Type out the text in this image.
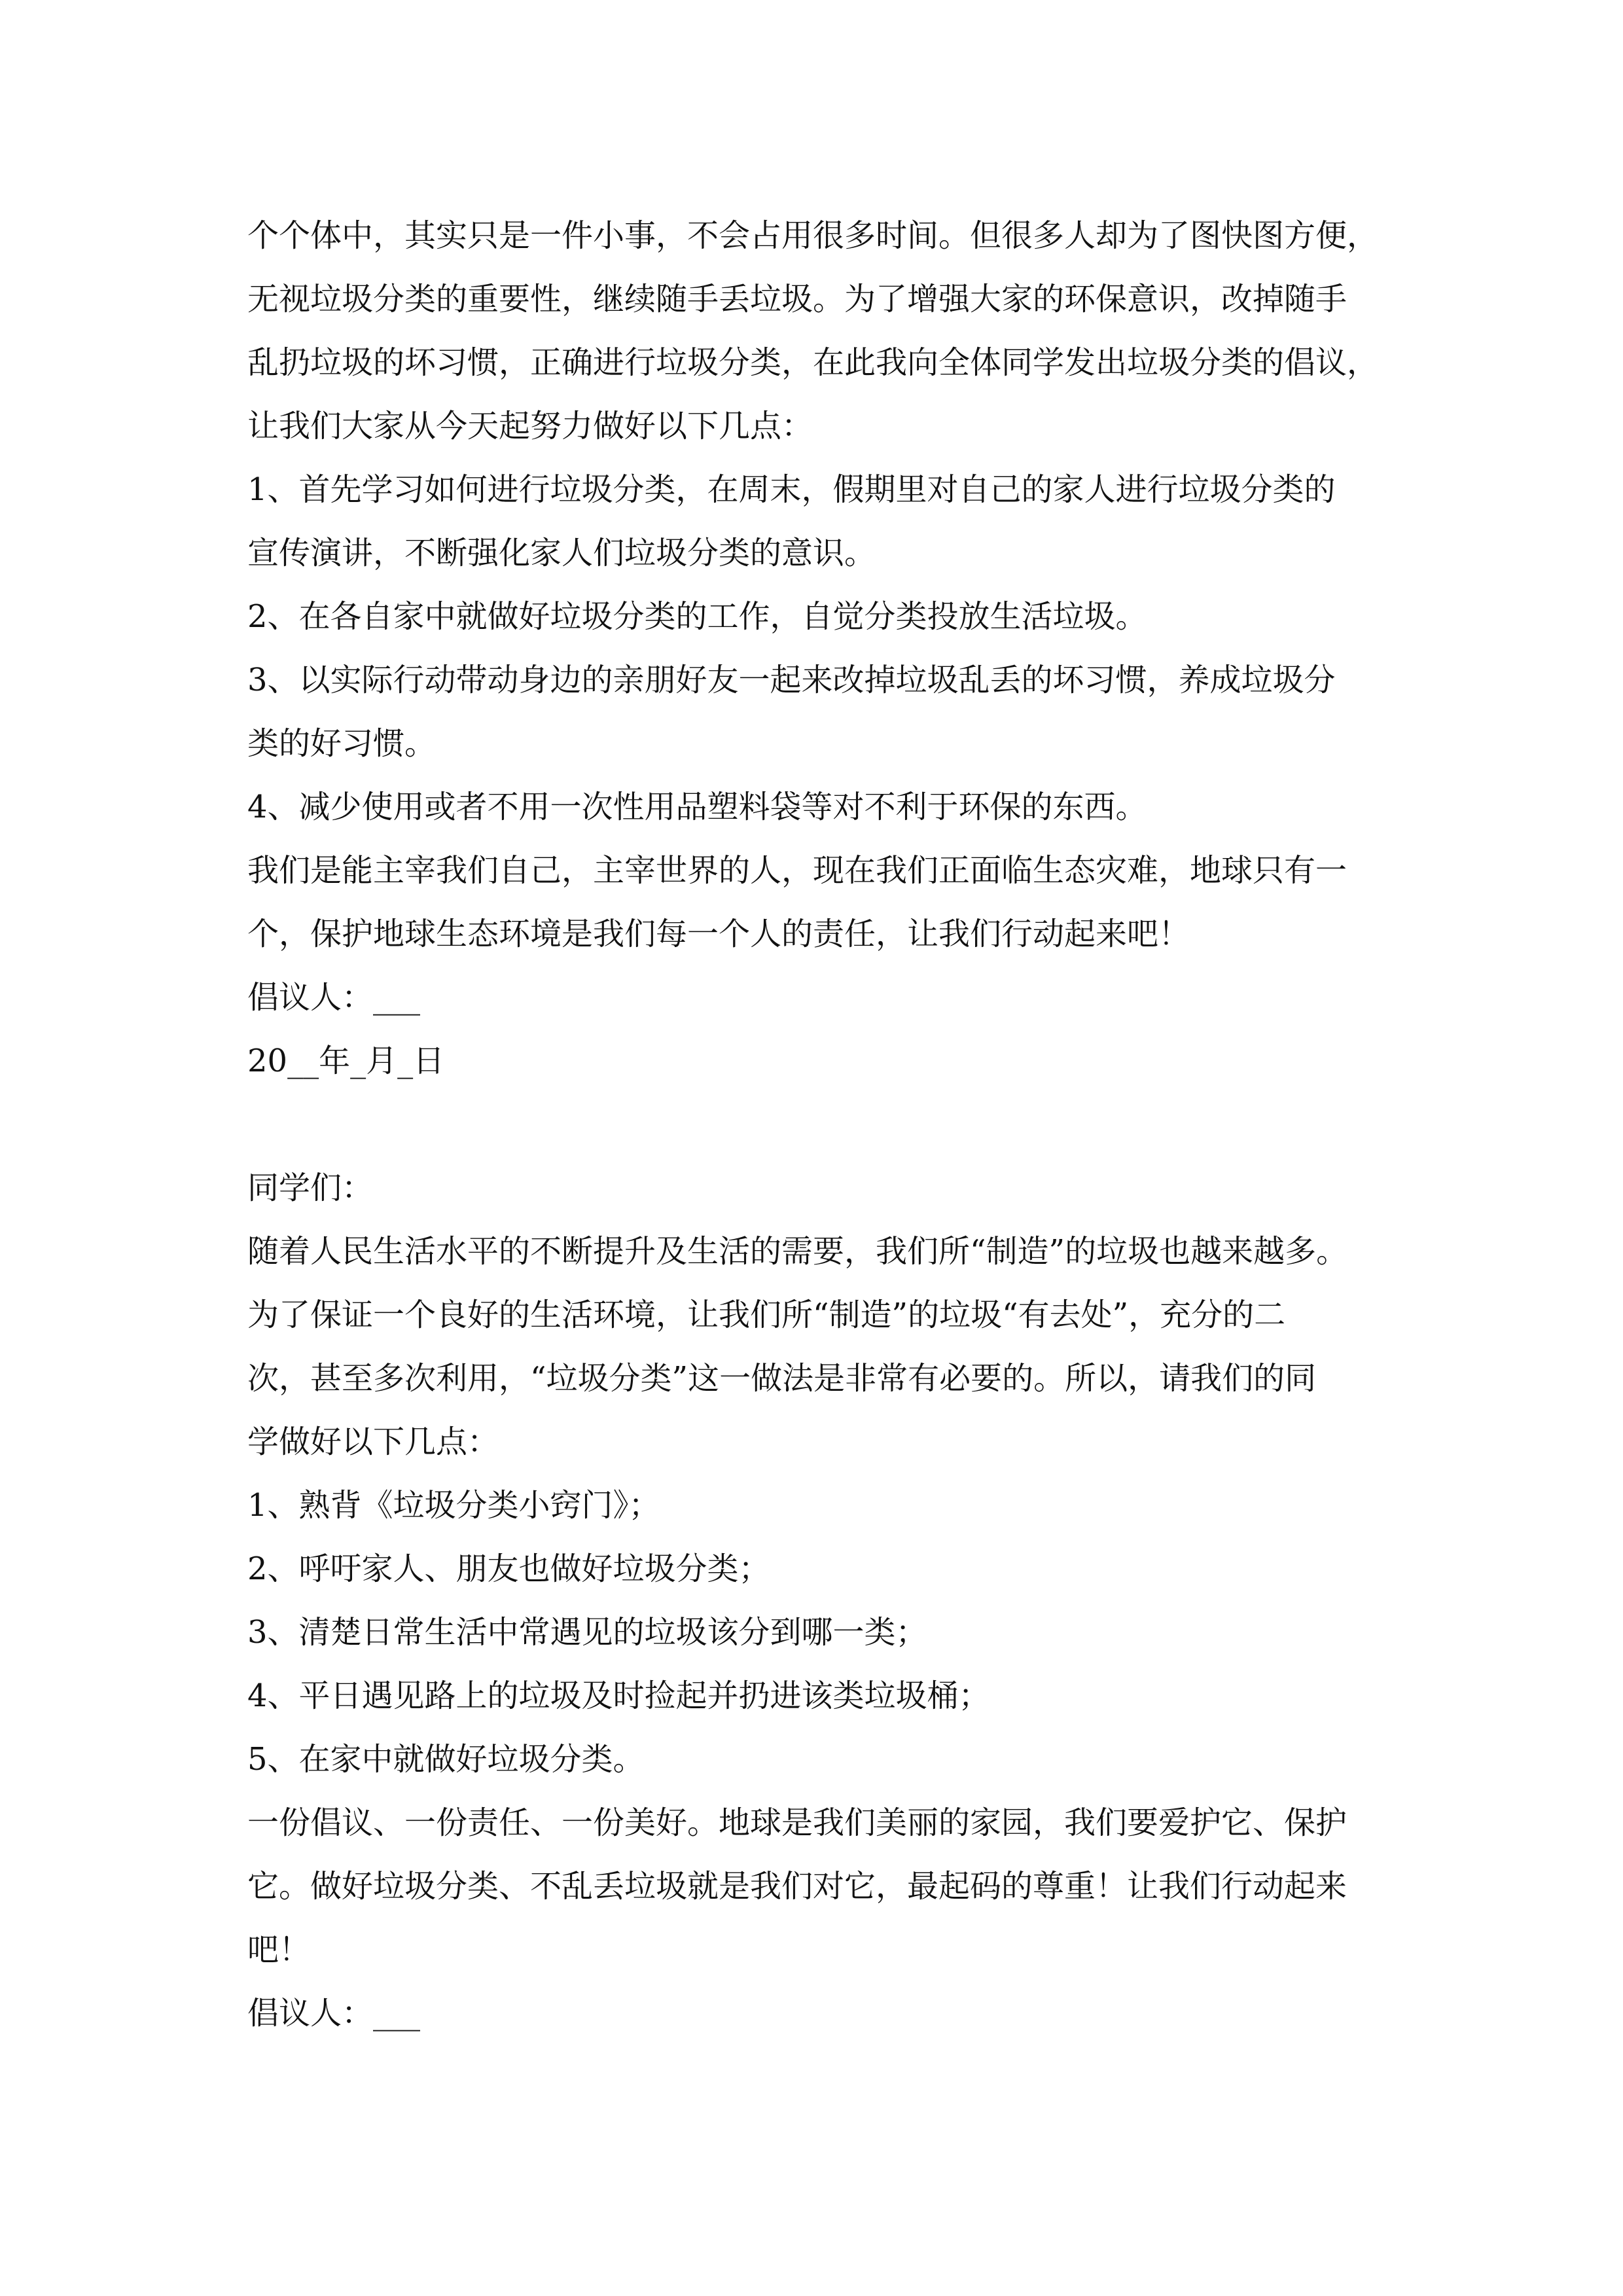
个个体中，其实只是一件小事，不会占用很多时间。但很多人却为了图快图方便，
无视垃圾分类的重要性，继续随手丢垃圾。为了增强大家的环保意识，改掉随手
乱扔垃圾的坏习惯，正确进行垃圾分类，在此我向全体同学发出垃圾分类的倡议，
让我们大家从今天起努力做好以下几点：
1、首先学习如何进行垃圾分类，在周末，假期里对自己的家人进行垃圾分类的
宣传演讲，不断强化家人们垃圾分类的意识。
2、在各自家中就做好垃圾分类的工作，自觉分类投放生活垃圾。
3、以实际行动带动身边的亲朋好友一起来改掉垃圾乱丢的坏习惯，养成垃圾分
类的好习惯。
4、减少使用或者不用一次性用品塑料袋等对不利于环保的东西。
我们是能主宰我们自己，主宰世界的人，现在我们正面临生态灾难，地球只有一
个，保护地球生态环境是我们每一个人的责任，让我们行动起来吧！
倡议人：___
20__年_月_日
同学们：
随着人民生活水平的不断提升及生活的需要，我们所“制造”的垃圾也越来越多。
为了保证一个良好的生活环境，让我们所“制造”的垃圾“有去处”，充分的二
次，甚至多次利用，“垃圾分类”这一做法是非常有必要的。所以，请我们的同
学做好以下几点：
1、熟背《垃圾分类小窍门》；
2、呼吁家人、朋友也做好垃圾分类；
3、清楚日常生活中常遇见的垃圾该分到哪一类；
4、平日遇见路上的垃圾及时捡起并扔进该类垃圾桶；
5、在家中就做好垃圾分类。
一份倡议、一份责任、一份美好。地球是我们美丽的家园，我们要爱护它、保护
它。做好垃圾分类、不乱丢垃圾就是我们对它，最起码的尊重！让我们行动起来
吧！
倡议人：___
